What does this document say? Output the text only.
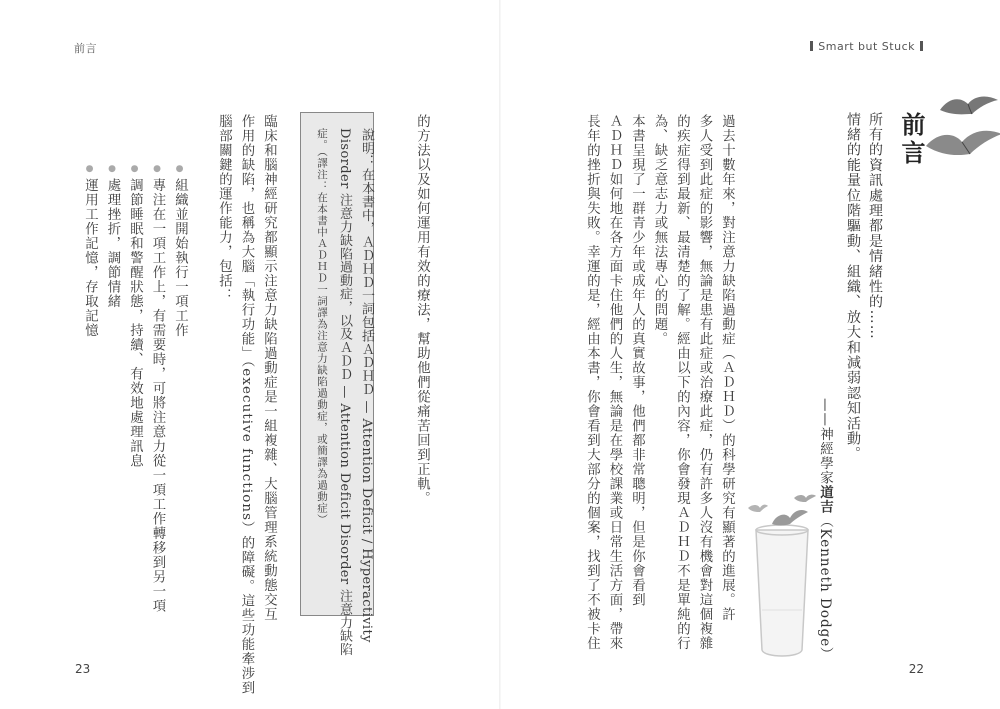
前言	Smart but Stuck
前言
所有的資訊處理都是情緒性的……
情緒的能量位階驅動、組織、放大和減弱認知活動。
——神經學家道吉（Kenneth Dodge）
過去十數年來，對注意力缺陷過動症（ＡＤＨＤ）的科學研究有顯著的進展。許
多人受到此症的影響，無論是患有此症或治療此症，仍有許多人沒有機會對這個複雜
的疾症得到最新、最清楚的了解。經由以下的內容，你會發現ＡＤＨＤ不是單純的行
為、缺乏意志力或無法專心的問題。
本書呈現了一群青少年或成年人的真實故事，他們都非常聰明，但是你會看到
ＡＤＨＤ如何地在各方面卡住他們的人生，無論是在學校課業或日常生活方面，帶來
長年的挫折與失敗。幸運的是，經由本書，你會看到大部分的個案，找到了不被卡住
的方法以及如何運用有效的療法，幫助他們從痛苦回到正軌。
說明：在本書中，ＡＤＨＤ一詞包括ＡＤＨＤ — Attention Deficit / Hyperactivity
Disorder 注意力缺陷過動症，以及ＡＤＤ — Attention Deficit Disorder 注意力缺陷
症。（譯注：在本書中ＡＤＨＤ一詞譯為注意力缺陷過動症，或簡譯為過動症）
臨床和腦神經研究都顯示注意力缺陷過動症是一組複雜、大腦管理系統動態交互
作用的缺陷，也稱為大腦「執行功能」（executive functions）的障礙。這些功能牽涉到
腦部關鍵的運作能力，包括：
● 組織並開始執行一項工作
● 專注在一項工作上，有需要時，可將注意力從一項工作轉移到另一項
● 調節睡眠和警醒狀態，持續、有效地處理訊息
● 處理挫折，調節情緒
● 運用工作記憶，存取記憶
23	22
